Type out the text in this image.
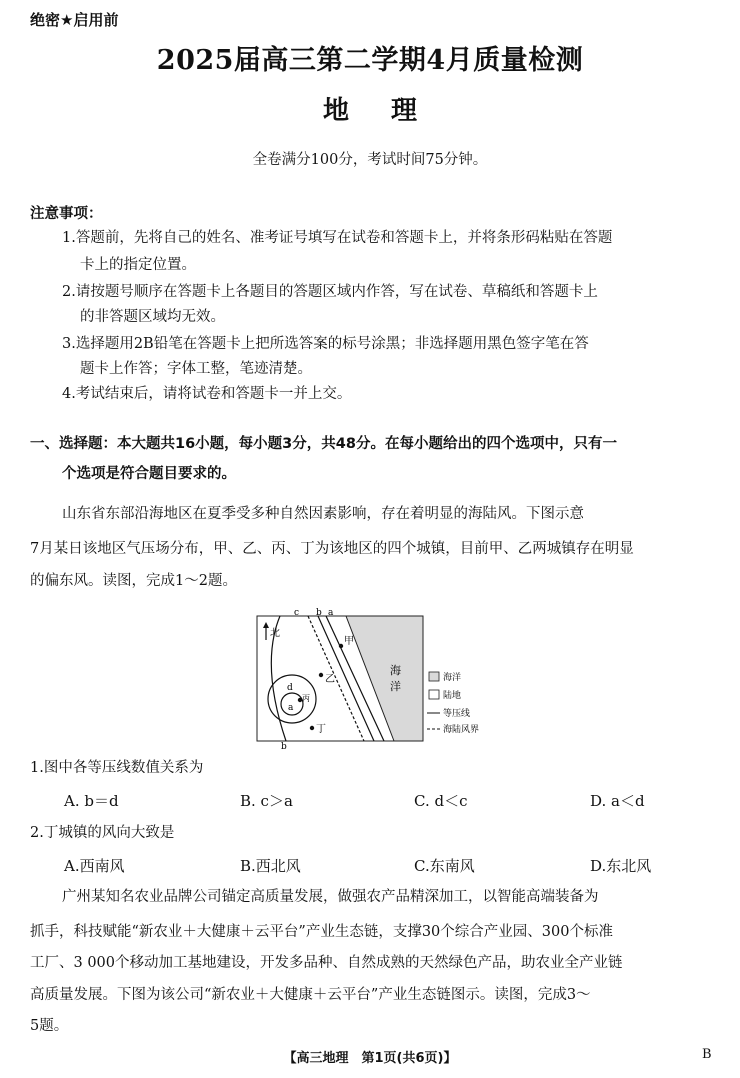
绝密★启用前
2025届高三第二学期4月质量检测
地理
全卷满分100分，考试时间75分钟。
注意事项：
1.答题前，先将自己的姓名、准考证号填写在试卷和答题卡上，并将条形码粘贴在答题
卡上的指定位置。
2.请按题号顺序在答题卡上各题目的答题区域内作答，写在试卷、草稿纸和答题卡上
的非答题区域均无效。
3.选择题用2B铅笔在答题卡上把所选答案的标号涂黑；非选择题用黑色签字笔在答
题卡上作答；字体工整，笔迹清楚。
4.考试结束后，请将试卷和答题卡一并上交。
一、选择题：本大题共16小题，每小题3分，共48分。在每小题给出的四个选项中，只有一
个选项是符合题目要求的。
山东省东部沿海地区在夏季受多种自然因素影响，存在着明显的海陆风。下图示意
7月某日该地区气压场分布，甲、乙、丙、丁为该地区的四个城镇，目前甲、乙两城镇存在明显
的偏东风。读图，完成1～2题。
海
洋
甲
乙
丙
丁
c b a
b
d
a
北
海洋
陆地
等压线
海陆风界
1.图中各等压线数值关系为
A. b＝d	B. c＞a	C. d＜c	D. a＜d
2.丁城镇的风向大致是
A.西南风	B.西北风	C.东南风	D.东北风
广州某知名农业品牌公司锚定高质量发展，做强农产品精深加工，以智能高端装备为
抓手，科技赋能“新农业＋大健康＋云平台”产业生态链，支撑30个综合产业园、300个标准
工厂、3 000个移动加工基地建设，开发多品种、自然成熟的天然绿色产品，助农业全产业链
高质量发展。下图为该公司“新农业＋大健康＋云平台”产业生态链图示。读图，完成3～
5题。
【高三地理　第1页(共6页)】	B
